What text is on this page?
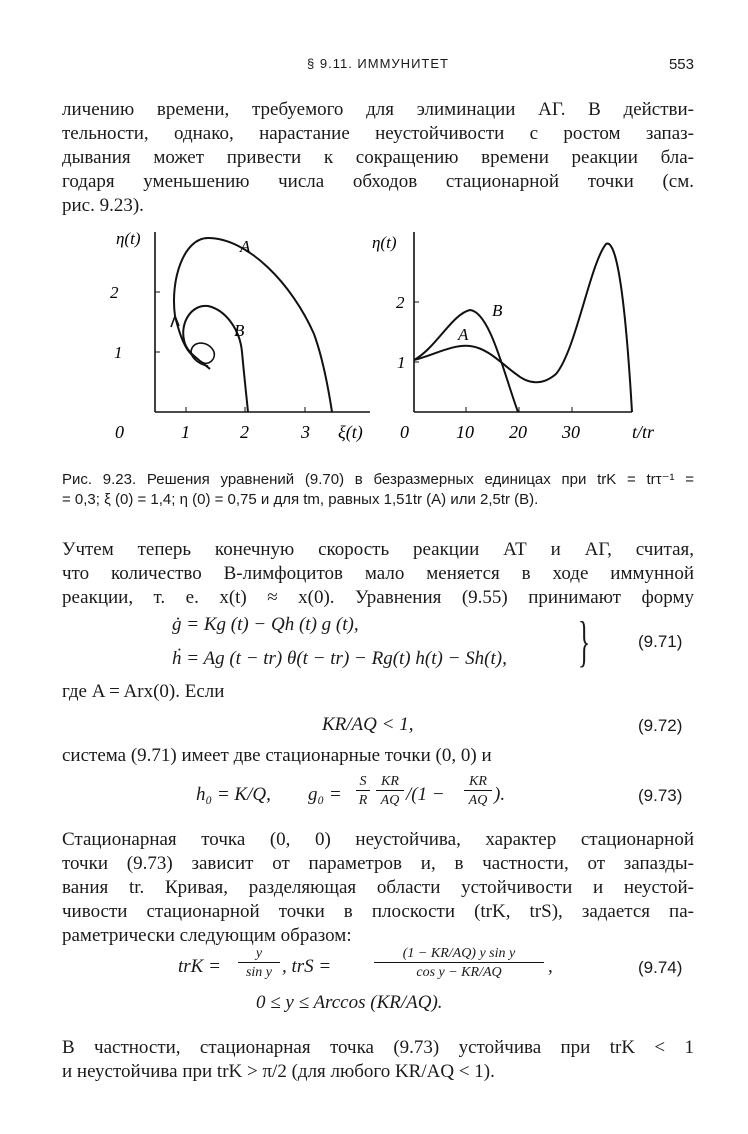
§ 9.11. ИММУНИТЕТ	553
личению времени, требуемого для элиминации АГ. В действи-
тельности, однако, нарастание неустойчивости с ростом запаз-
дывания может привести к сокращению времени реакции бла-
годаря уменьшению числа обходов стационарной точки (см.
рис. 9.23).
η(t)
2
1
0	1	2	3 ξ(t)
A
B
η(t)
2
1
0	10 20 30	t/tr
A
B
Рис. 9.23. Решения уравнений (9.70) в безразмерных единицах при trK = trτ⁻¹ =
= 0,3; ξ (0) = 1,4; η (0) = 0,75 и для tm, равных 1,51tr (A) или 2,5tr (B).
Учтем теперь конечную скорость реакции АТ и АГ, считая,
что количество B-лимфоцитов мало меняется в ходе иммунной
реакции, т. е. x(t) ≈ x(0). Уравнения (9.55) принимают форму
ġ = Kg (t) − Qh (t) g (t),
ḣ = Ag (t − tr) θ(t − tr) − Rg(t) h(t) − Sh(t), }	(9.71)
где A = Arx(0). Если
KR/AQ < 1,	(9.72)
система (9.71) имеет две стационарные точки (0, 0) и
h₀ = K/Q, g₀ =
S
R
KR
AQ /(1 −
KR
AQ ).	(9.73)
Стационарная точка (0, 0) неустойчива, характер стационарной
точки (9.73) зависит от параметров и, в частности, от запазды-
вания tr. Кривая, разделяющая области устойчивости и неустой-
чивости стационарной точки в плоскости (trK, trS), задается па-
раметрически следующим образом:
trK =
y
sin y , trS =
(1 − KR/AQ) y sin y
cos y − KR/AQ	,	(9.74)
0 ≤ y ≤ Arccos (KR/AQ).
В частности, стационарная точка (9.73) устойчива при trK < 1
и неустойчива при trK > π/2 (для любого KR/AQ < 1).
